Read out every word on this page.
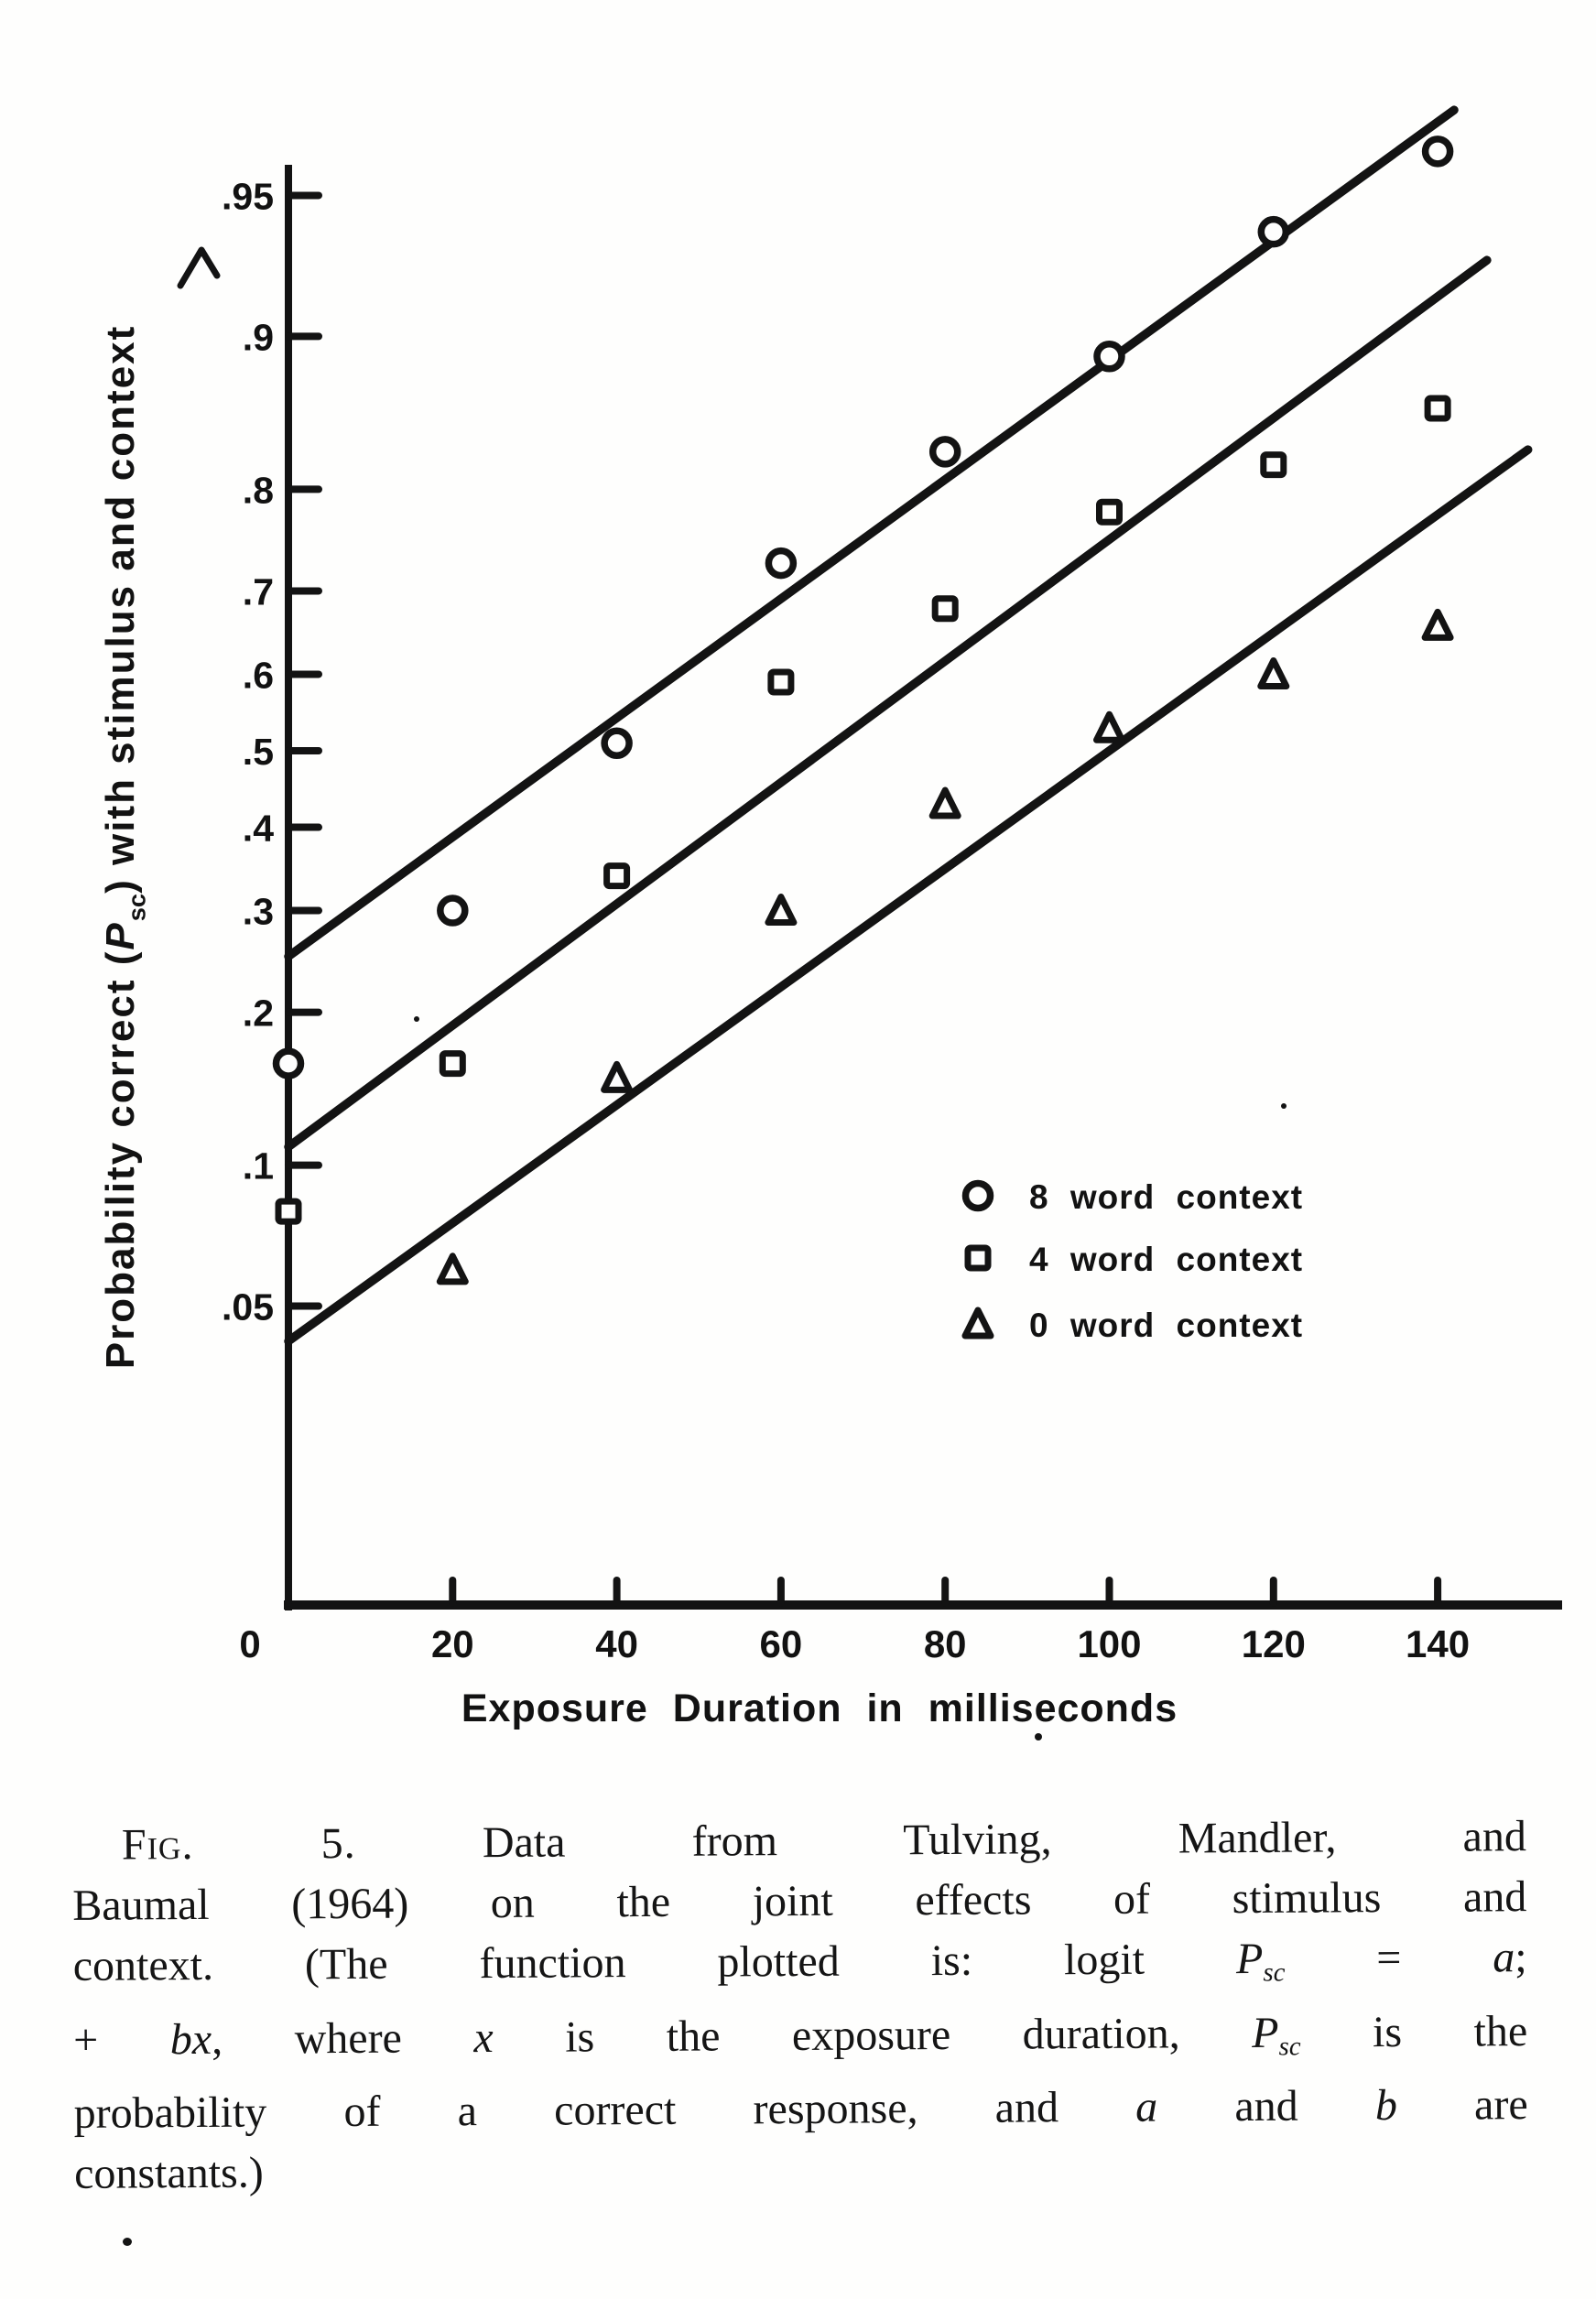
.95
.9
.8
.7
.6
.5
.4
.3
.2
.1
.05
0	20	40	60	80	100	120	140
Exposure Duration in milliseconds
8 word context
4 word context
0 word context
Probability correct $(P_{sc})$ with stimulus and context
Fig. 5. Data from Tulving, Mandler, and
Baumal (1964) on the joint effects of stimulus and
context. (The function plotted is: logit $P_{sc} = a$;
+ bx, where x is the exposure duration, $P_{sc}$ is the
probability of a correct response, and a and b are
constants.)
